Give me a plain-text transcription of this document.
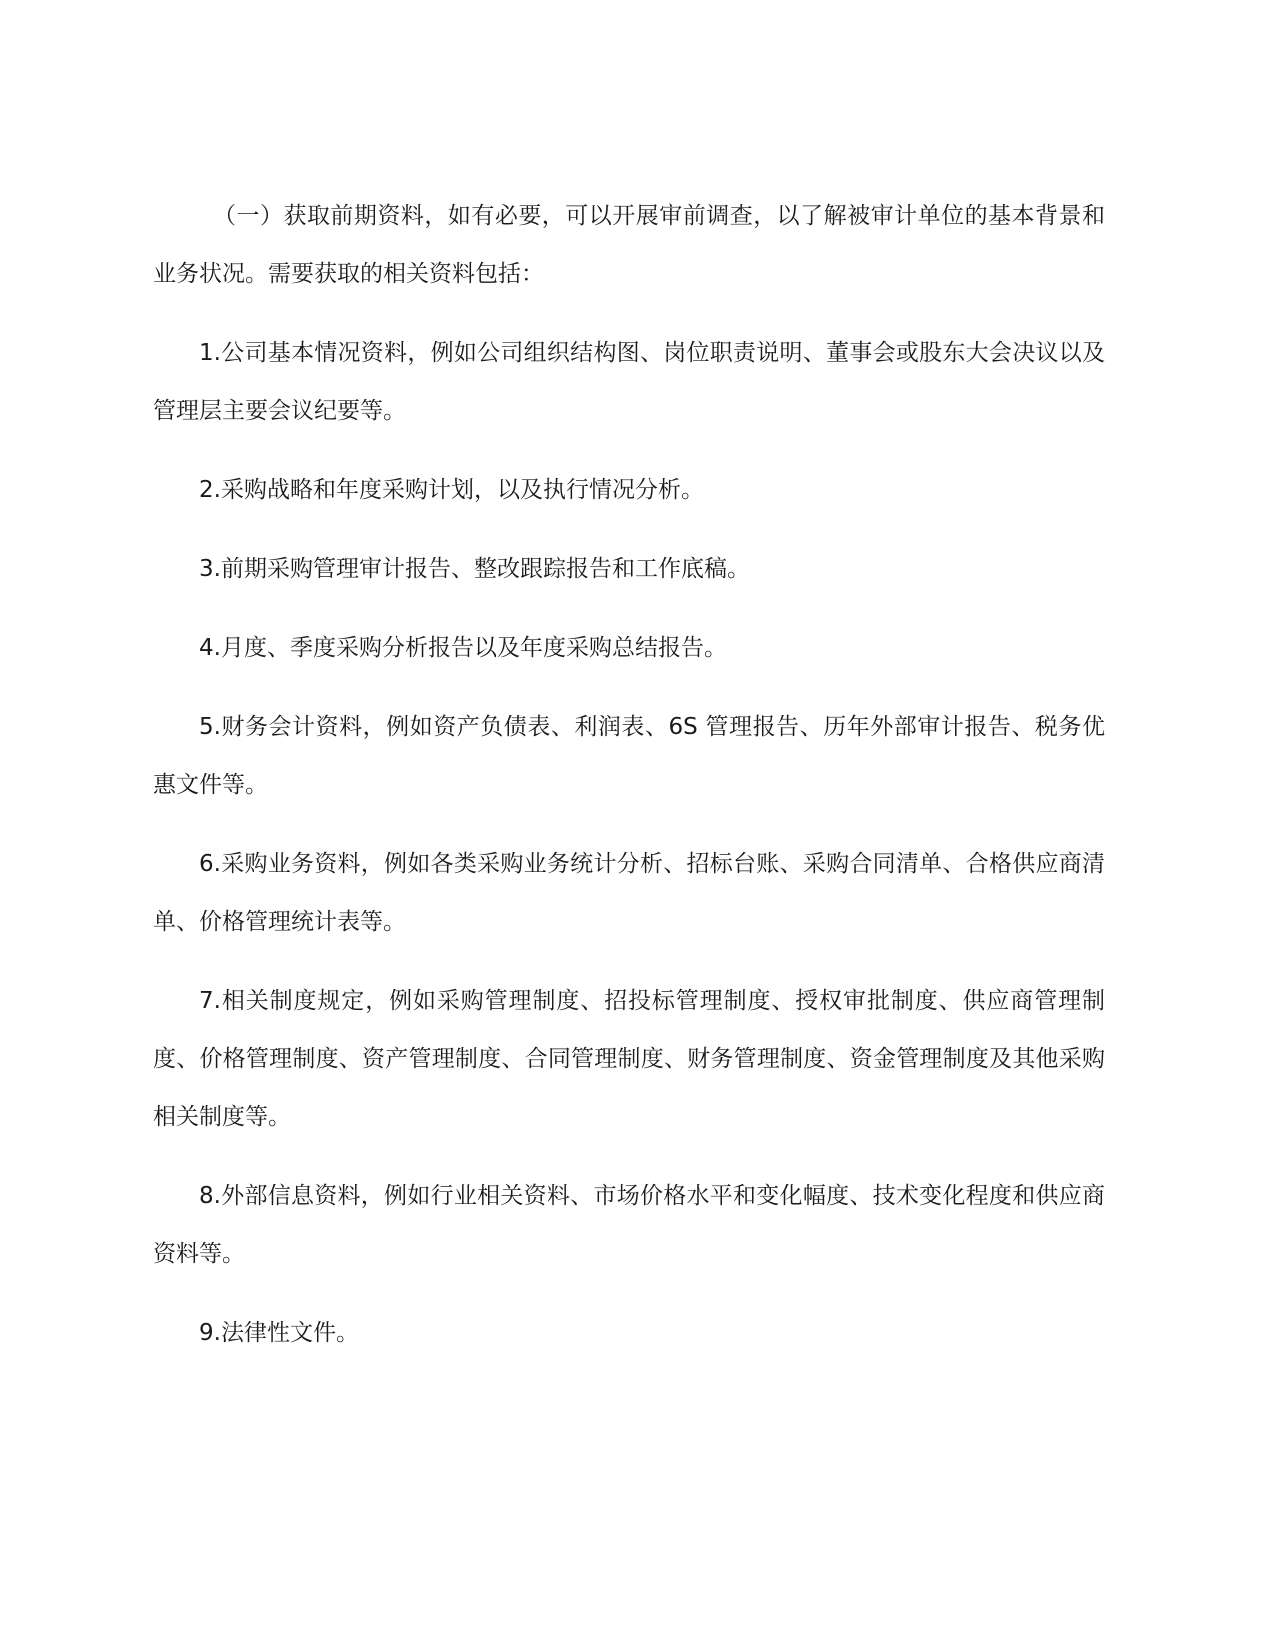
（一）获取前期资料，如有必要，可以开展审前调查，以了解被审计单位的基本背景和业务状况。需要获取的相关资料包括：

1.公司基本情况资料，例如公司组织结构图、岗位职责说明、董事会或股东大会决议以及管理层主要会议纪要等。

2.采购战略和年度采购计划，以及执行情况分析。

3.前期采购管理审计报告、整改跟踪报告和工作底稿。

4.月度、季度采购分析报告以及年度采购总结报告。

5.财务会计资料，例如资产负债表、利润表、6S 管理报告、历年外部审计报告、税务优惠文件等。

6.采购业务资料，例如各类采购业务统计分析、招标台账、采购合同清单、合格供应商清单、价格管理统计表等。

7.相关制度规定，例如采购管理制度、招投标管理制度、授权审批制度、供应商管理制度、价格管理制度、资产管理制度、合同管理制度、财务管理制度、资金管理制度及其他采购相关制度等。

8.外部信息资料，例如行业相关资料、市场价格水平和变化幅度、技术变化程度和供应商资料等。

9.法律性文件。
